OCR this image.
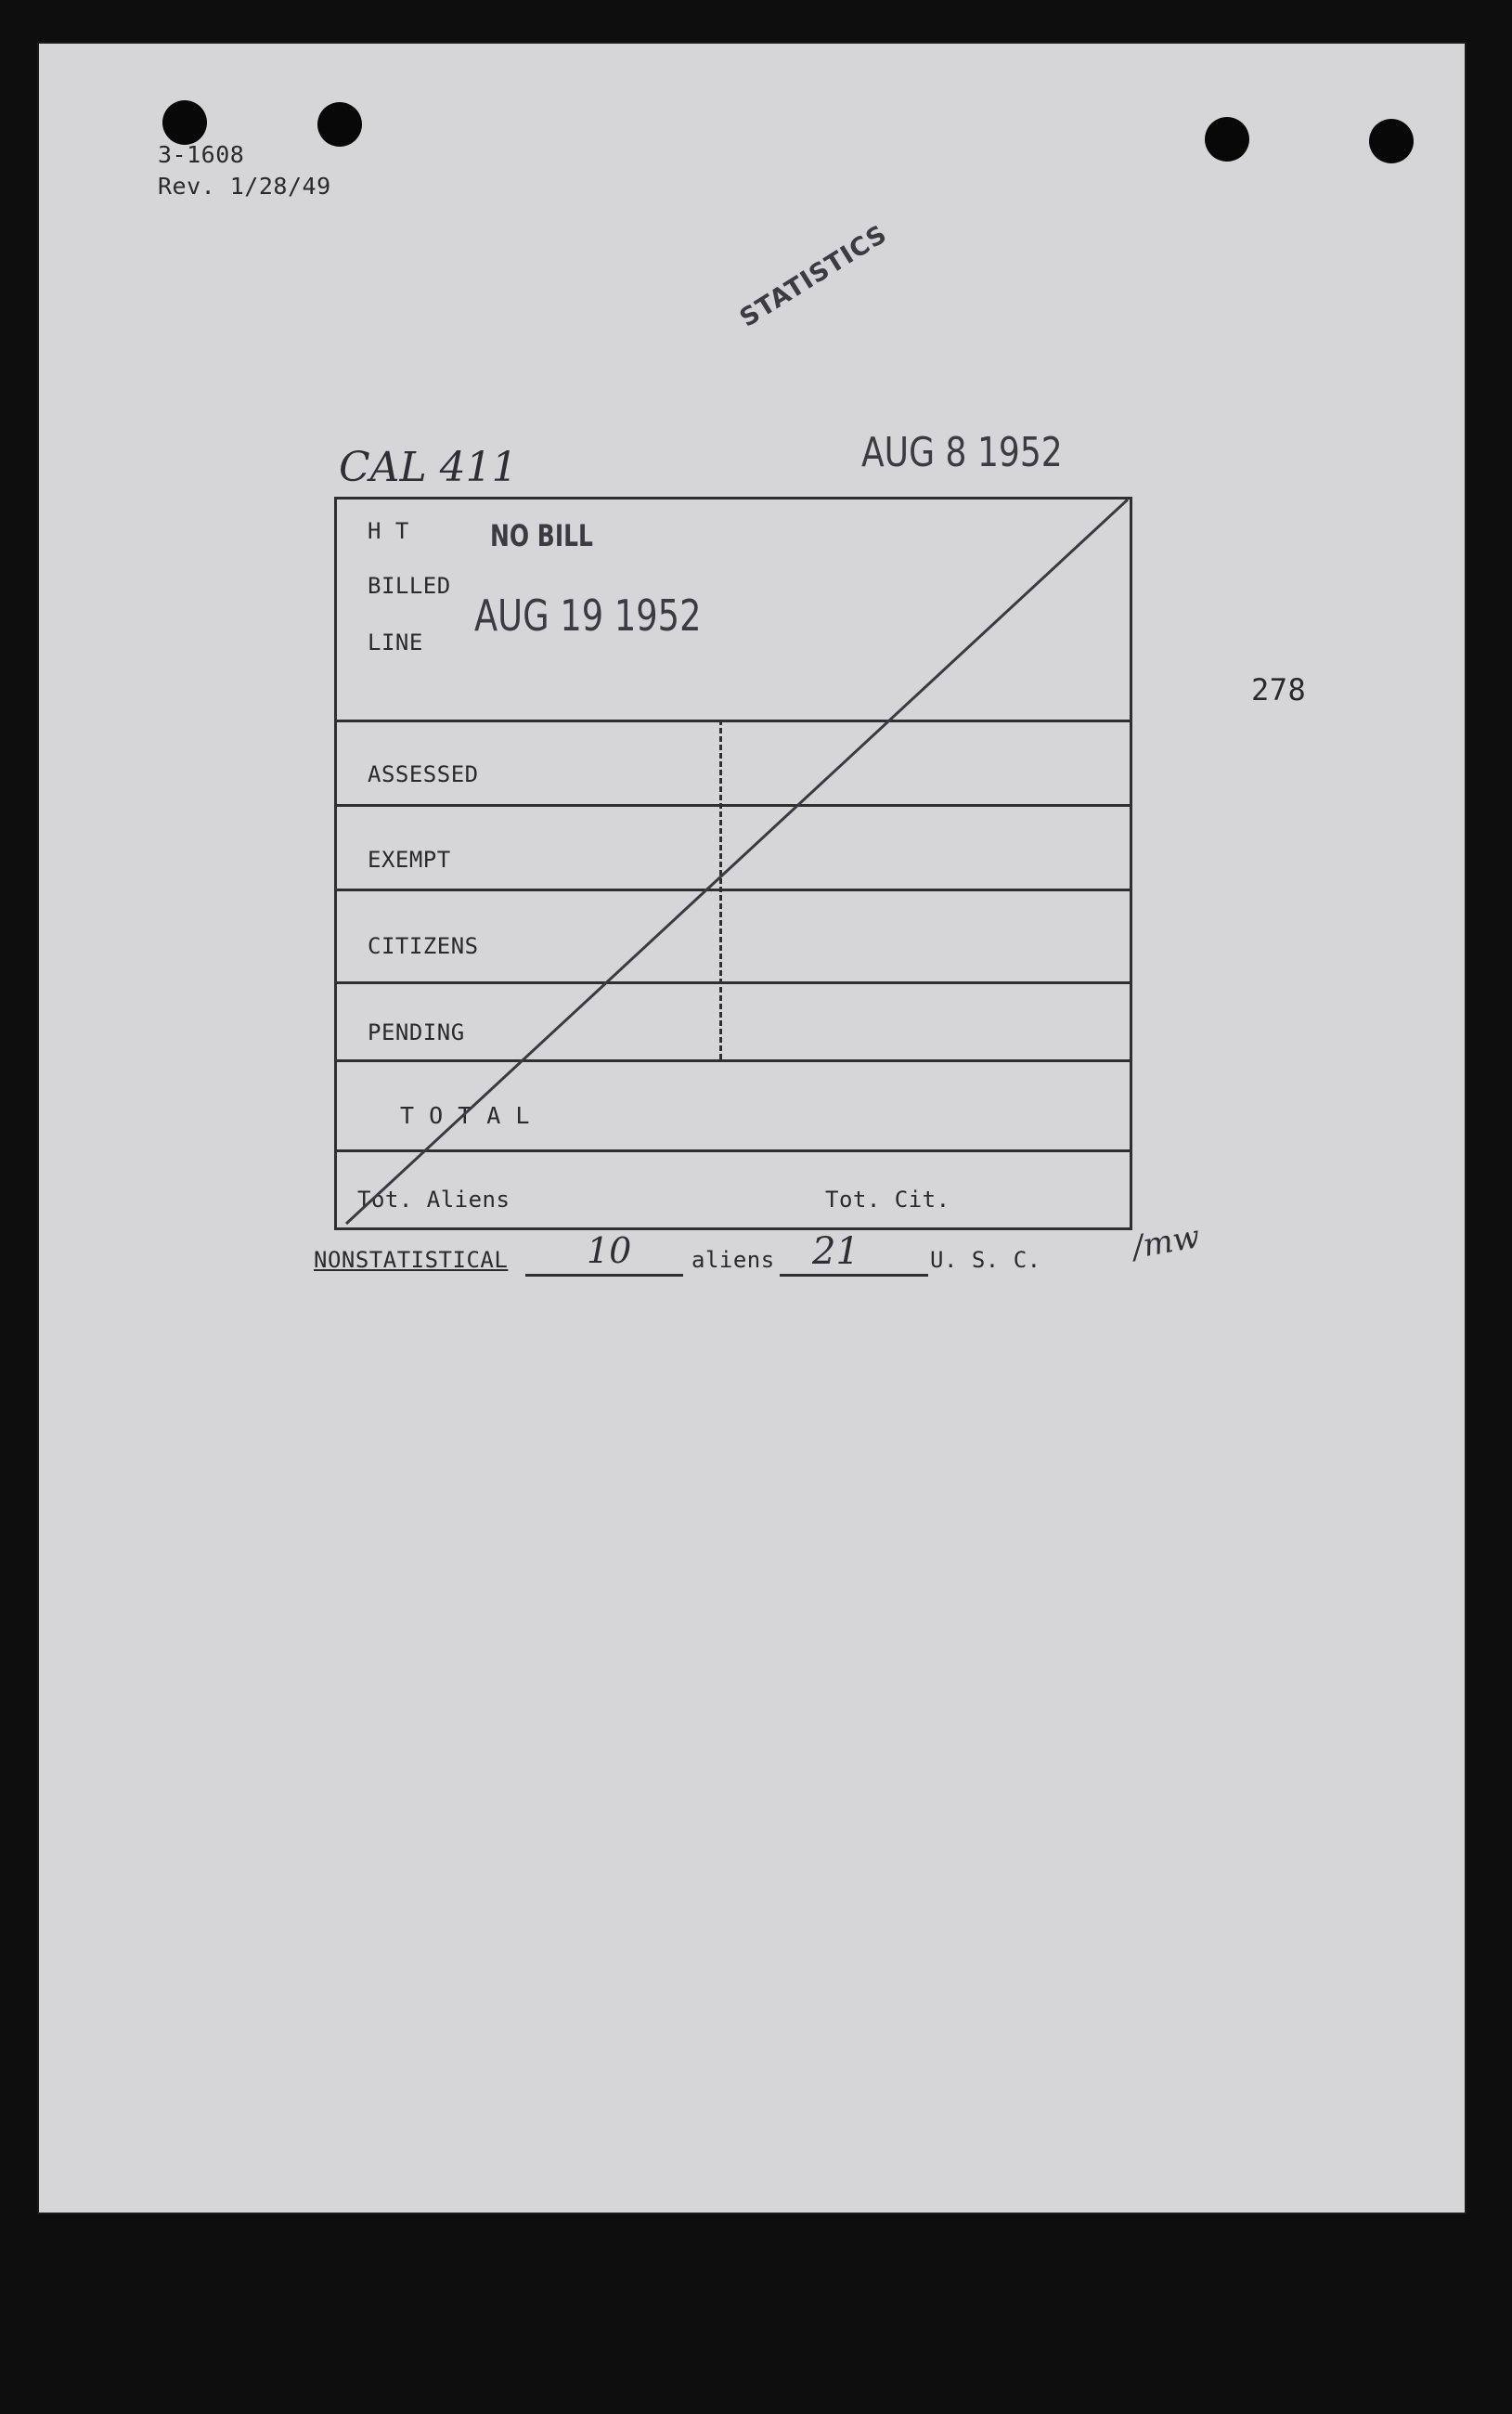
3-1608
Rev. 1/28/49
STATISTICS
CAL 411	AUG 8 1952
278
H T
BILLED
LINE
ASSESSED
EXEMPT
CITIZENS
PENDING
T O T A L
Tot. Aliens	Tot. Cit.
NO BILL
AUG 19 1952
NONSTATISTICAL 10	aliens 21	U. S. C.	/mw
